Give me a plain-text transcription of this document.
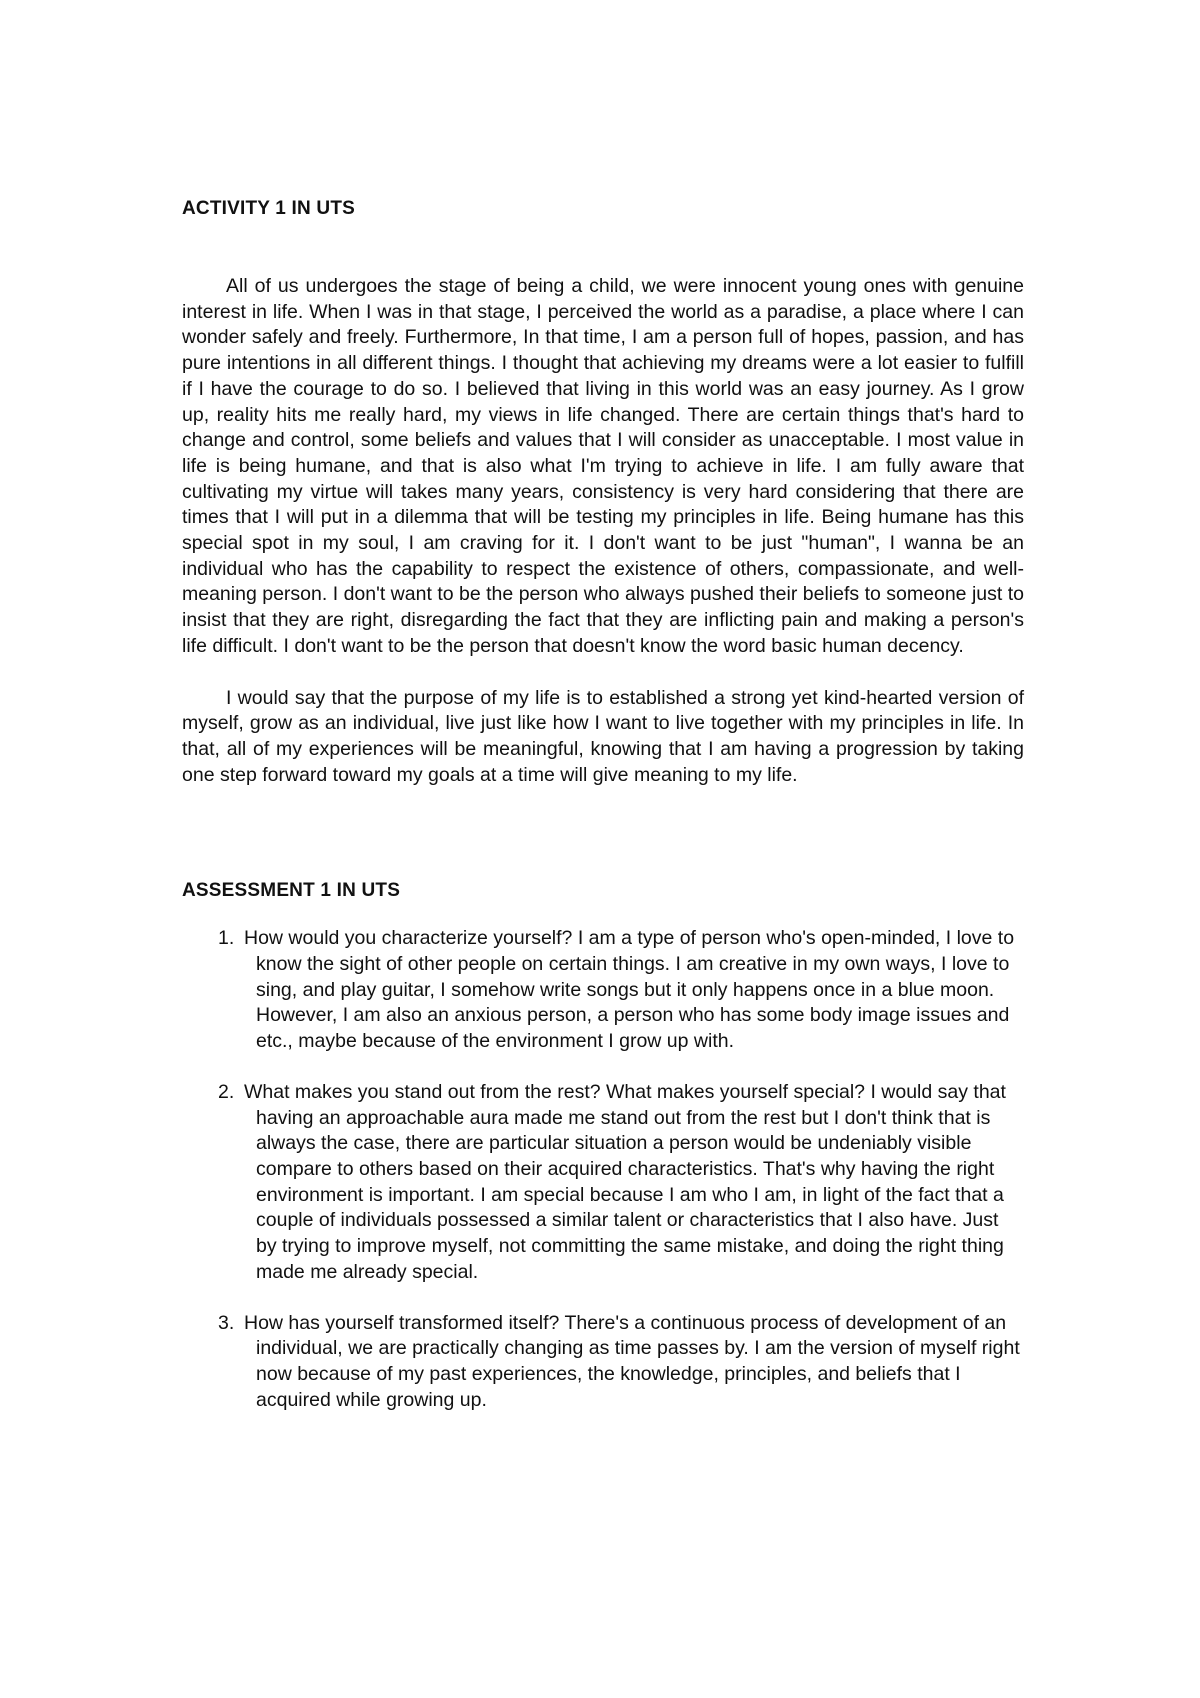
ACTIVITY 1 IN UTS

All of us undergoes the stage of being a child, we were innocent young ones with genuine interest in life. When I was in that stage, I perceived the world as a paradise, a place where I can wonder safely and freely. Furthermore, In that time, I am a person full of hopes, passion, and has pure intentions in all different things. I thought that achieving my dreams were a lot easier to fulfill if I have the courage to do so. I believed that living in this world was an easy journey. As I grow up, reality hits me really hard, my views in life changed. There are certain things that's hard to change and control, some beliefs and values that I will consider as unacceptable. I most value in life is being humane, and that is also what I'm trying to achieve in life. I am fully aware that cultivating my virtue will takes many years, consistency is very hard considering that there are times that I will put in a dilemma that will be testing my principles in life. Being humane has this special spot in my soul, I am craving for it. I don't want to be just "human", I wanna be an individual who has the capability to respect the existence of others, compassionate, and well-meaning person. I don't want to be the person who always pushed their beliefs to someone just to insist that they are right, disregarding the fact that they are inflicting pain and making a person's life difficult. I don't want to be the person that doesn't know the word basic human decency.

I would say that the purpose of my life is to established a strong yet kind-hearted version of myself, grow as an individual, live just like how I want to live together with my principles in life. In that, all of my experiences will be meaningful, knowing that I am having a progression by taking one step forward toward my goals at a time will give meaning to my life.

ASSESSMENT 1 IN UTS
1. How would you characterize yourself? I am a type of person who's open-minded, I love to know the sight of other people on certain things. I am creative in my own ways, I love to sing, and play guitar, I somehow write songs but it only happens once in a blue moon. However, I am also an anxious person, a person who has some body image issues and etc., maybe because of the environment I grow up with.
2. What makes you stand out from the rest? What makes yourself special? I would say that having an approachable aura made me stand out from the rest but I don't think that is always the case, there are particular situation a person would be undeniably visible compare to others based on their acquired characteristics. That's why having the right environment is important. I am special because I am who I am, in light of the fact that a couple of individuals possessed a similar talent or characteristics that I also have. Just by trying to improve myself, not committing the same mistake, and doing the right thing made me already special.
3. How has yourself transformed itself? There's a continuous process of development of an individual, we are practically changing as time passes by. I am the version of myself right now because of my past experiences, the knowledge, principles, and beliefs that I acquired while growing up.
